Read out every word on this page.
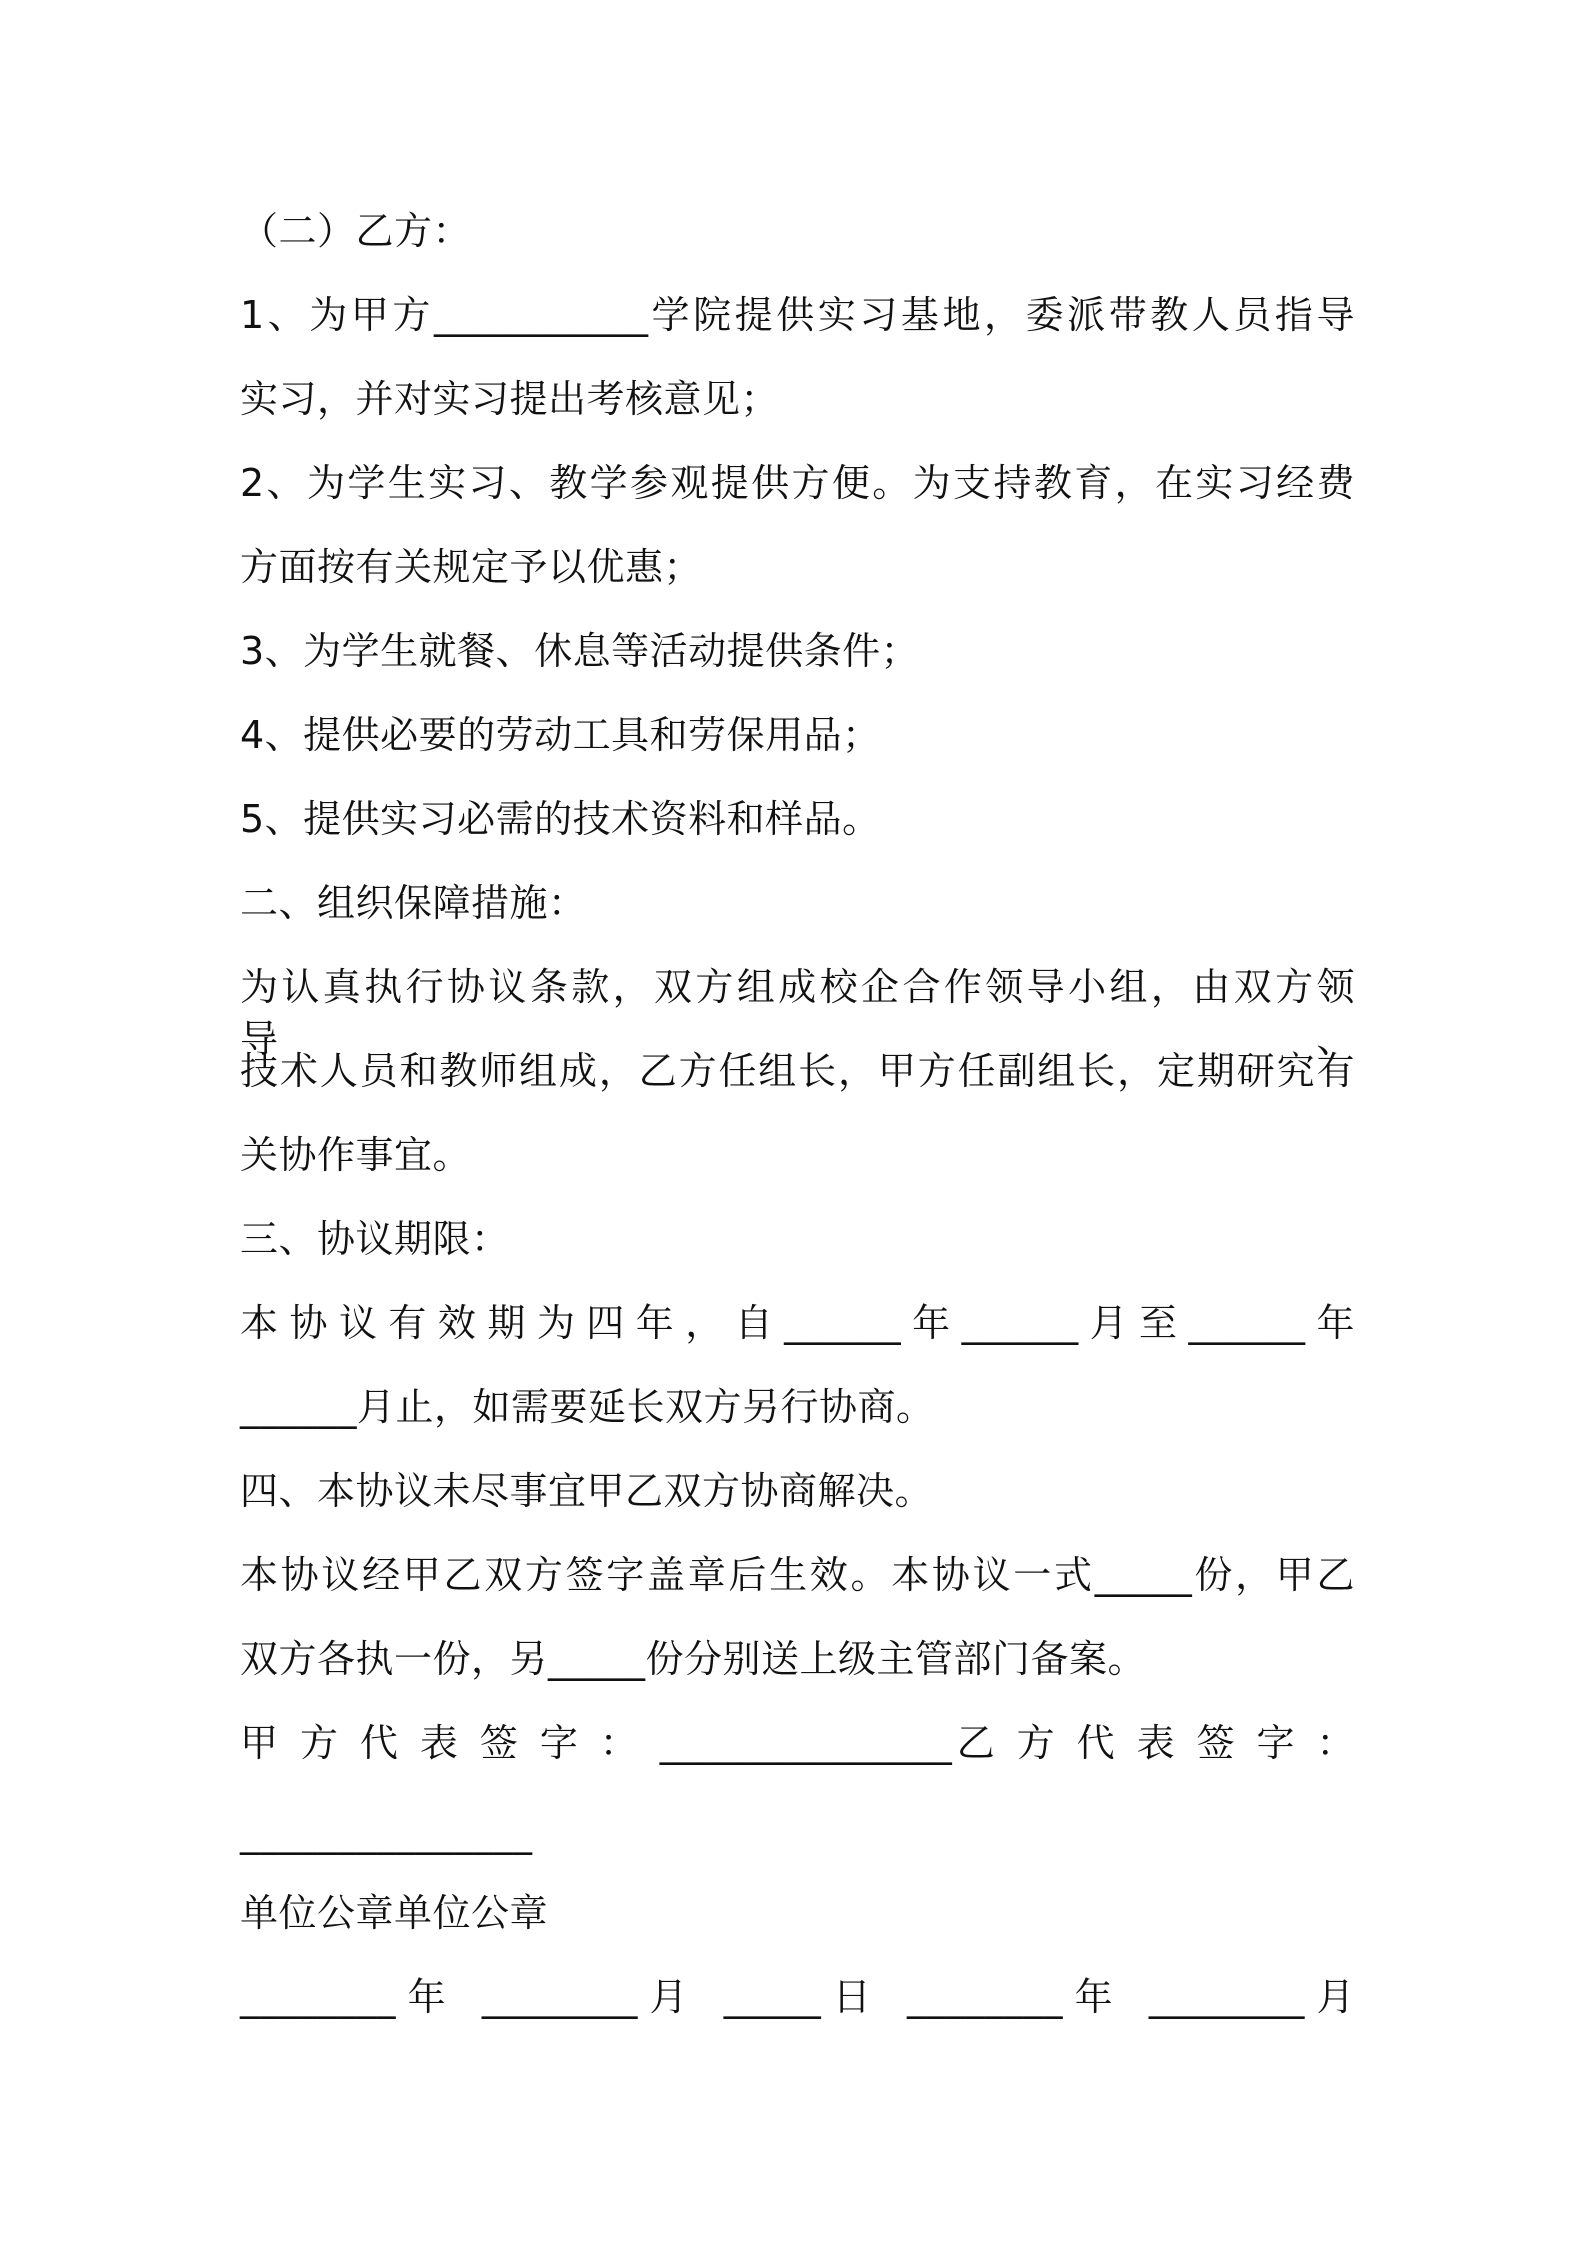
（二）乙方：
1、为甲方___________学院提供实习基地，委派带教人员指导
实习，并对实习提出考核意见；
2、为学生实习、教学参观提供方便。为支持教育，在实习经费
方面按有关规定予以优惠；
3、为学生就餐、休息等活动提供条件；
4、提供必要的劳动工具和劳保用品；
5、提供实习必需的技术资料和样品。
二、组织保障措施：
为认真执行协议条款，双方组成校企合作领导小组，由双方领导、
技术人员和教师组成，乙方任组长，甲方任副组长，定期研究有
关协作事宜。
三、协议期限：
本协议有效期为四年，自______年______月至______年
______月止，如需要延长双方另行协商。
四、本协议未尽事宜甲乙双方协商解决。
本协议经甲乙双方签字盖章后生效。本协议一式_____份，甲乙
双方各执一份，另_____份分别送上级主管部门备案。
甲 方 代 表 签 字 ： _______________乙 方 代 表 签 字 ：
_______________
单位公章单位公章
________年 ________月 _____日 ________年 ________月
